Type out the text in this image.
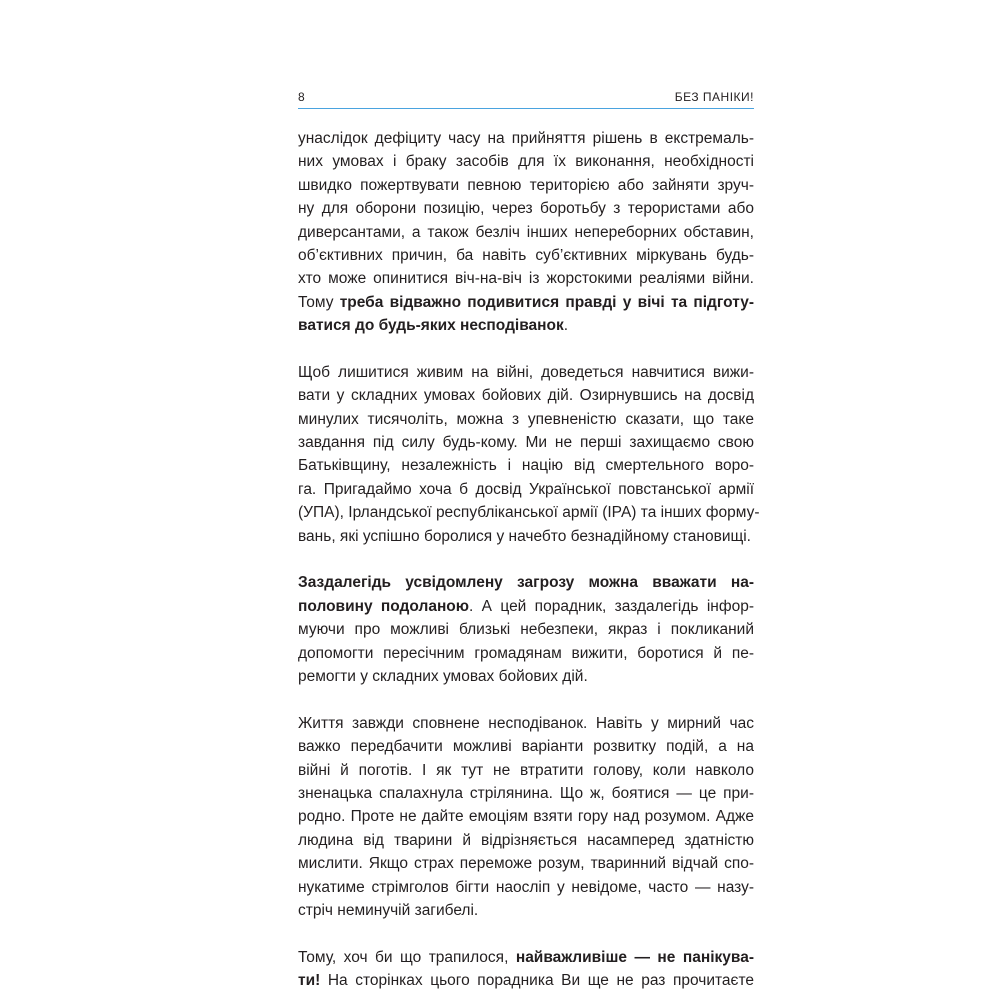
8	БЕЗ ПАНІКИ!
унаслідок дефіциту часу на прийняття рішень в екстремаль-
них умовах і браку засобів для їх виконання, необхідності
швидко пожертвувати певною територією або зайняти зруч-
ну для оборони позицію, через боротьбу з терористами або
диверсантами, а також безліч інших непереборних обставин,
об’єктивних причин, ба навіть суб’єктивних міркувань будь-
хто може опинитися віч-на-віч із жорстокими реаліями війни.
Тому треба відважно подивитися правді у вічі та підготу-
ватися до будь-яких несподіванок.
Щоб лишитися живим на війні, доведеться навчитися вижи-
вати у складних умовах бойових дій. Озирнувшись на досвід
минулих тисячоліть, можна з упевненістю сказати, що таке
завдання під силу будь-кому. Ми не перші захищаємо свою
Батьківщину, незалежність і націю від смертельного воро-
га. Пригадаймо хоча б досвід Української повстанської армії
(УПА), Ірландської республіканської армії (ІРА) та інших форму-
вань, які успішно боролися у начебто безнадійному становищі.
Заздалегідь усвідомлену загрозу можна вважати на-
половину подоланою. А цей порадник, заздалегідь інфор-
муючи про можливі близькі небезпеки, якраз і покликаний
допомогти пересічним громадянам вижити, боротися й пе-
ремогти у складних умовах бойових дій.
Життя завжди сповнене несподіванок. Навіть у мирний час
важко передбачити можливі варіанти розвитку подій, а на
війні й поготів. І як тут не втратити голову, коли навколо
зненацька спалахнула стрілянина. Що ж, боятися — це при-
родно. Проте не дайте емоціям взяти гору над розумом. Адже
людина від тварини й відрізняється насамперед здатністю
мислити. Якщо страх переможе розум, тваринний відчай спо-
нукатиме стрімголов бігти наосліп у невідоме, часто — назу-
стріч неминучій загибелі.
Тому, хоч би що трапилося, найважливіше — не панікува-
ти! На сторінках цього порадника Ви ще не раз прочитаєте
